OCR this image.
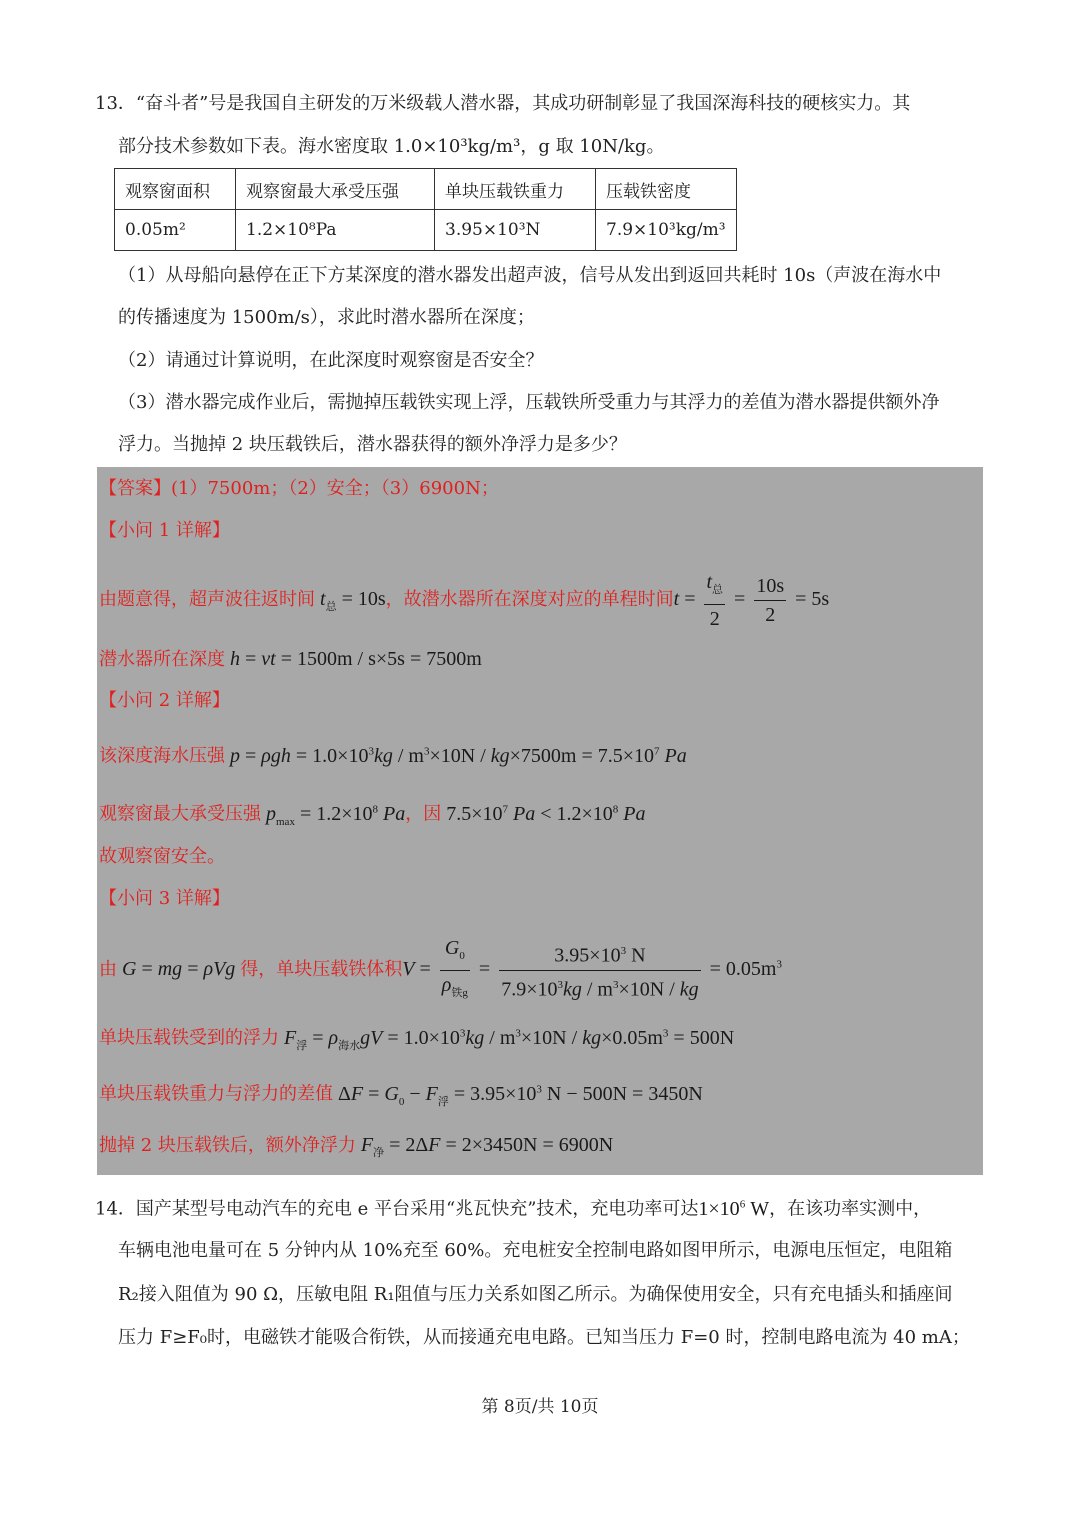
13．“奋斗者”号是我国自主研发的万米级载人潜水器，其成功研制彰显了我国深海科技的硬核实力。其
部分技术参数如下表。海水密度取 1.0×10³kg/m³，g 取 10N/kg。
观察窗面积	观察窗最大承受压强	单块压载铁重力	压载铁密度
0.05m²	1.2×10⁸Pa	3.95×10³N	7.9×10³kg/m³
（1）从母船向悬停在正下方某深度的潜水器发出超声波，信号从发出到返回共耗时 10s（声波在海水中
的传播速度为 1500m/s），求此时潜水器所在深度；
（2）请通过计算说明，在此深度时观察窗是否安全？
（3）潜水器完成作业后，需抛掉压载铁实现上浮，压载铁所受重力与其浮力的差值为潜水器提供额外净
浮力。当抛掉 2 块压载铁后，潜水器获得的额外净浮力是多少？
【答案】(1）7500m；（2）安全；（3）6900N；
【小问 1 详解】
由题意得，超声波往返时间 $t_总 = 10s$，故潜水器所在深度对应的单程时间$t = \frac{t_总}{2} = \frac{10s}{2} = 5s$
潜水器所在深度 h = vt = 1500m / s×5s = 7500m
【小问 2 详解】
该深度海水压强 $p = \rho gh = 1.0\times 10^3kg / m^3\times 10N / kg\times 7500m = 7.5\times 10^7$ Pa
观察窗最大承受压强 $p_{max} = 1.2\times 10^8$ Pa，因 $7.5\times 10^7$ $Pa < 1.2\times 10^8$ Pa
故观察窗安全。
【小问 3 详解】
由 G = mg = ρVg 得，单块压载铁体积$V = \frac{G_0}{\rho_{铁g}} = \frac{3.95\times 10^3 N}{7.9\times 10^3kg / m^3\times 10N / kg} = 0.05m^3$
单块压载铁受到的浮力 $F_浮 = \rho_{海水}gV = 1.0\times 10^3kg / m^3\times 10N / kg\times 0.05m^3 = 500N$
单块压载铁重力与浮力的差值 $\Delta F = G_0 - F_浮 = 3.95\times 10^3$ N − 500N = 3450N
抛掉 2 块压载铁后，额外净浮力 $F_净 = 2\Delta F = 2\times 3450N = 6900N$
14．国产某型号电动汽车的充电 e 平台采用“兆瓦快充”技术，充电功率可达$1\times 10^6$ W，在该功率实测中，
车辆电池电量可在 5 分钟内从 10%充至 60%。充电桩安全控制电路如图甲所示，电源电压恒定，电阻箱
R₂接入阻值为 90 Ω，压敏电阻 R₁阻值与压力关系如图乙所示。为确保使用安全，只有充电插头和插座间
压力 F≥F₀时，电磁铁才能吸合衔铁，从而接通充电电路。已知当压力 F=0 时，控制电路电流为 40 mA；
第 8页/共 10页
